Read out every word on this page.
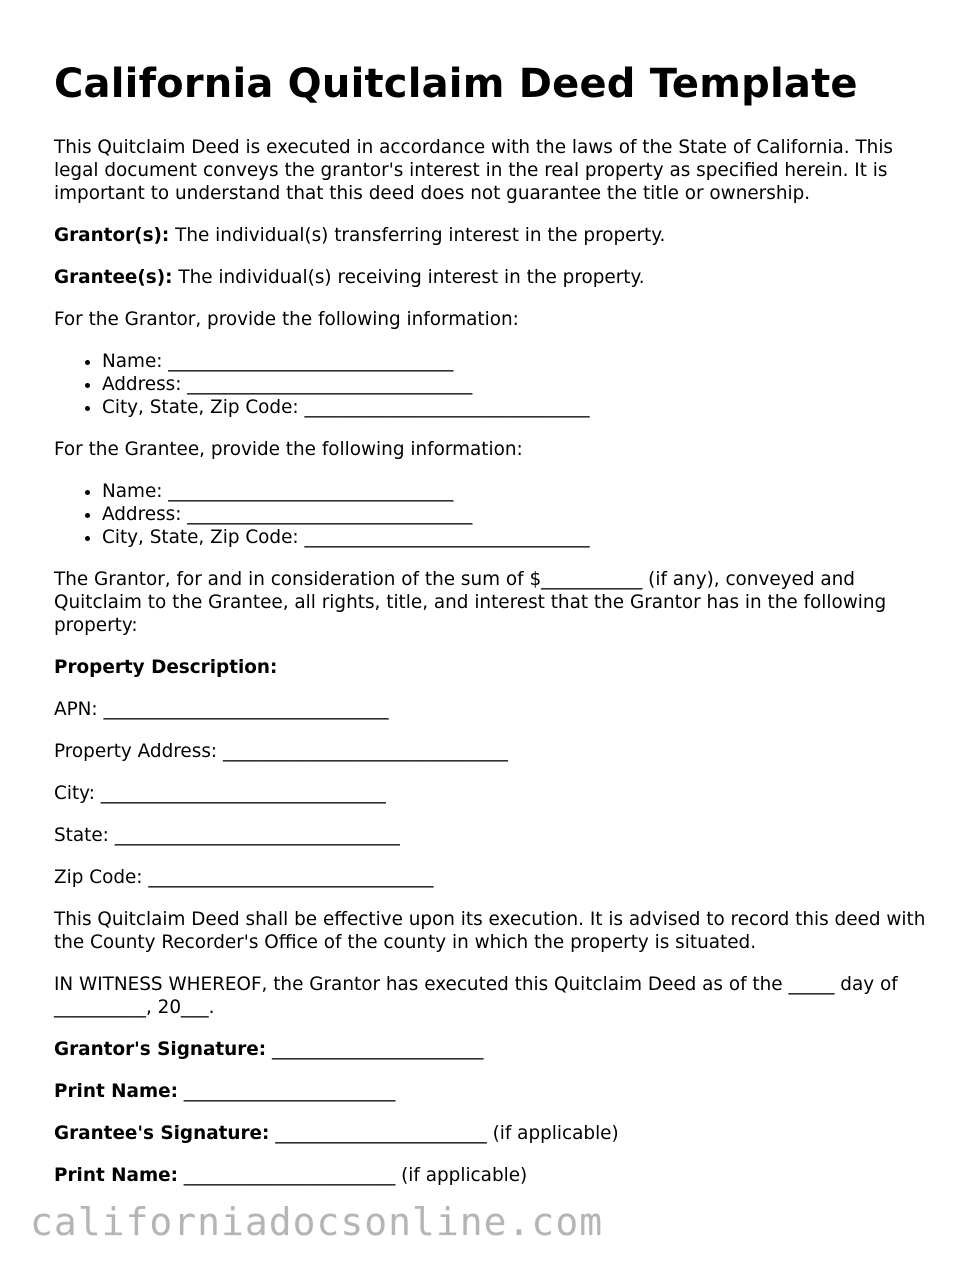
California Quitclaim Deed Template

This Quitclaim Deed is executed in accordance with the laws of the State of California. This legal document conveys the grantor's interest in the real property as specified herein. It is important to understand that this deed does not guarantee the title or ownership.

Grantor(s): The individual(s) transferring interest in the property.

Grantee(s): The individual(s) receiving interest in the property.

For the Grantor, provide the following information:

• Name: _______________________________
• Address: _______________________________
• City, State, Zip Code: _______________________________

For the Grantee, provide the following information:

• Name: _______________________________
• Address: _______________________________
• City, State, Zip Code: _______________________________

The Grantor, for and in consideration of the sum of $___________ (if any), conveyed and Quitclaim to the Grantee, all rights, title, and interest that the Grantor has in the following property:

Property Description:

APN: _______________________________

Property Address: _______________________________

City: _______________________________

State: _______________________________

Zip Code: _______________________________

This Quitclaim Deed shall be effective upon its execution. It is advised to record this deed with the County Recorder's Office of the county in which the property is situated.

IN WITNESS WHEREOF, the Grantor has executed this Quitclaim Deed as of the _____ day of __________, 20___.

Grantor's Signature: _______________________

Print Name: _______________________

Grantee's Signature: _______________________ (if applicable)

Print Name: _______________________ (if applicable)

californiadocsonline.com
